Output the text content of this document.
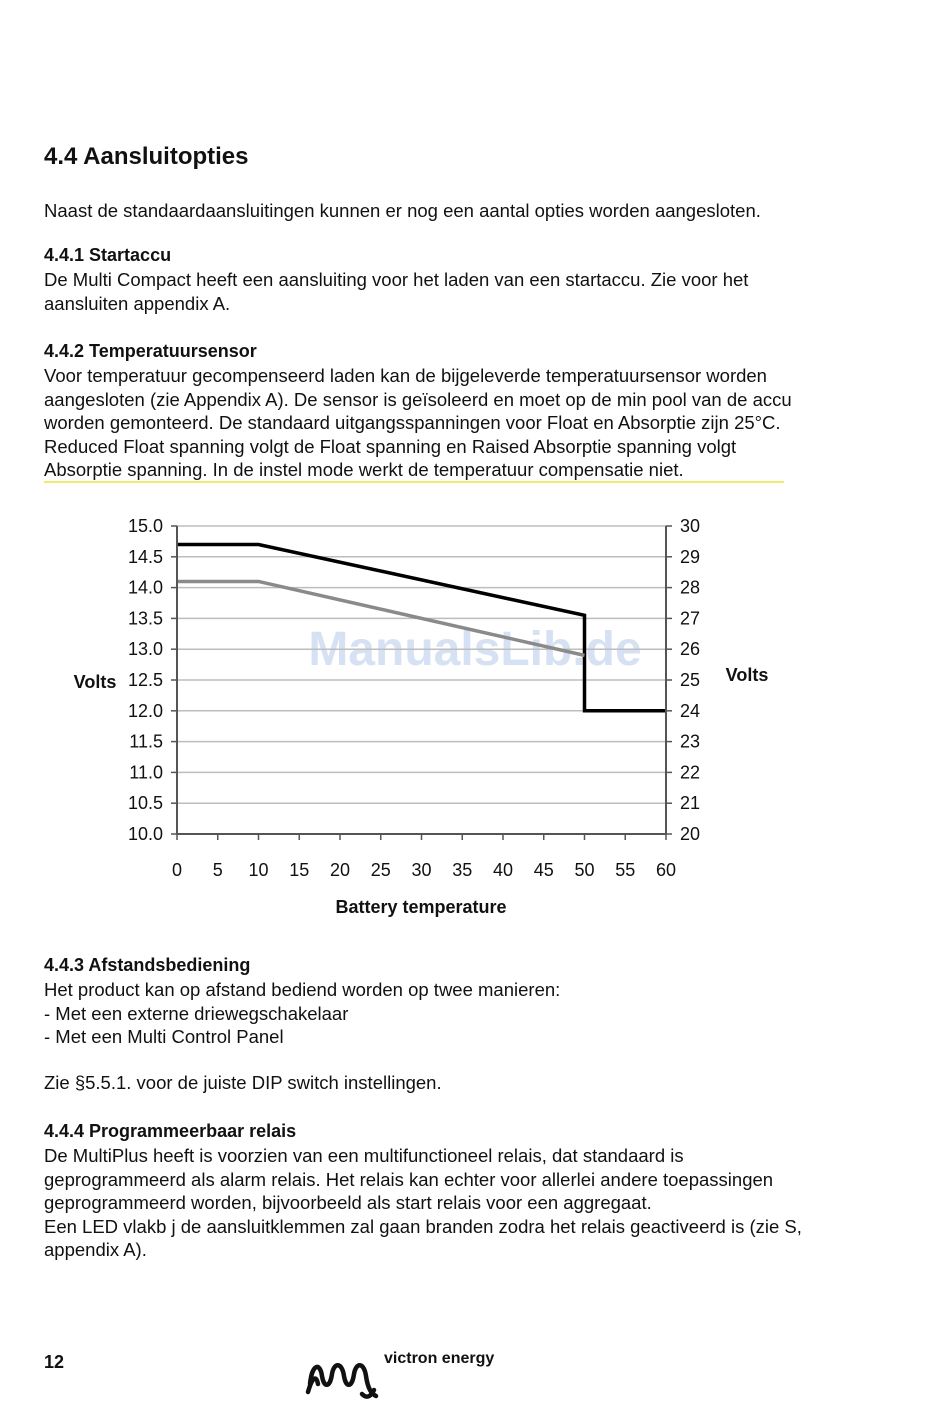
4.4 Aansluitopties

Naast de standaardaansluitingen kunnen er nog een aantal opties worden aangesloten.

4.4.1 Startaccu

De Multi Compact heeft een aansluiting voor het laden van een startaccu. Zie voor het
aansluiten appendix A.

4.4.2 Temperatuursensor

Voor temperatuur gecompenseerd laden kan de bijgeleverde temperatuursensor worden
aangesloten (zie Appendix A). De sensor is geïsoleerd en moet op de min pool van de accu
worden gemonteerd. De standaard uitgangsspanningen voor Float en Absorptie zijn 25°C.
Reduced Float spanning volgt de Float spanning en Raised Absorptie spanning volgt
Absorptie spanning. In de instel mode werkt de temperatuur compensatie niet.

ManualsLib.de
15.0	30
14.5	29
14.0	28
13.5	27
13.0	26
12.5	25
12.0	24
11.5	23
11.0	22
10.5	21
10.0	20
0 5 10 15 20 25 30 35 40 45 50 55 60
Volts	Volts
Battery temperature
4.4.3 Afstandsbediening

Het product kan op afstand bediend worden op twee manieren:
- Met een externe driewegschakelaar
- Met een Multi Control Panel

Zie §5.5.1. voor de juiste DIP switch instellingen.

4.4.4 Programmeerbaar relais

De MultiPlus heeft is voorzien van een multifunctioneel relais, dat standaard is
geprogrammeerd als alarm relais. Het relais kan echter voor allerlei andere toepassingen
geprogrammeerd worden, bijvoorbeeld als start relais voor een aggregaat.
Een LED vlakb j de aansluitklemmen zal gaan branden zodra het relais geactiveerd is (zie S,
appendix A).

12	victron energy
